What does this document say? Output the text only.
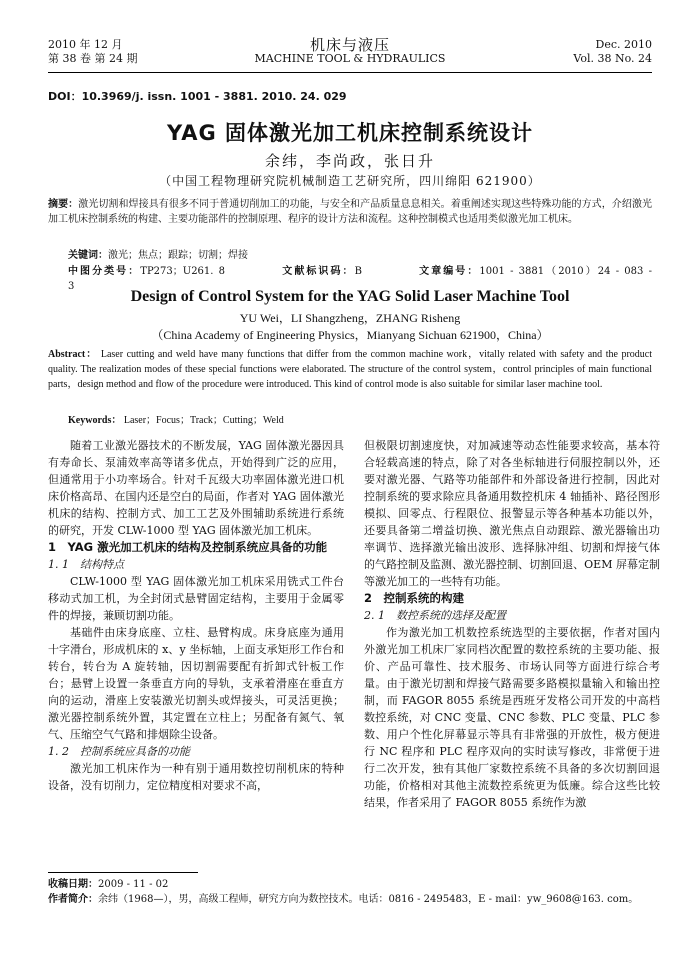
2010 年 12 月
第 38 卷 第 24 期
机床与液压
MACHINE TOOL & HYDRAULICS
Dec. 2010
Vol. 38 No. 24
DOI：10.3969/j. issn. 1001 - 3881. 2010. 24. 029
YAG 固体激光加工机床控制系统设计
余纬，李尚政，张日升
（中国工程物理研究院机械制造工艺研究所，四川绵阳 621900）
摘要：激光切割和焊接具有很多不同于普通切削加工的功能，与安全和产品质量息息相关。着重阐述实现这些特殊功能的方式，介绍激光加工机床控制系统的构建、主要功能部件的控制原理、程序的设计方法和流程。这种控制模式也适用类似激光加工机床。
关键词：激光；焦点；跟踪；切割；焊接
中图分类号：TP273；U261. 8	文献标识码：B	文章编号：1001 - 3881（2010）24 - 083 - 3
Design of Control System for the YAG Solid Laser Machine Tool
YU Wei，LI Shangzheng，ZHANG Risheng
（China Academy of Engineering Physics，Mianyang Sichuan 621900，China）
Abstract： Laser cutting and weld have many functions that differ from the common machine work，vitally related with safety and the product quality. The realization modes of these special functions were elaborated. The structure of the control system，control principles of main functional parts，design method and flow of the procedure were introduced. This kind of control mode is also suitable for similar laser machine tool.
Keywords： Laser；Focus；Track；Cutting；Weld

随着工业激光器技术的不断发展，YAG 固体激光器因具有寿命长、泵浦效率高等诸多优点，开始得到广泛的应用，但通常用于小功率场合。针对千瓦级大功率固体激光进口机床价格高昂、在国内还是空白的局面，作者对 YAG 固体激光机床的结构、控制方式、加工工艺及外围辅助系统进行系统的研究，开发 CLW-1000 型 YAG 固体激光加工机床。

1　YAG 激光加工机床的结构及控制系统应具备的功能
1. 1　结构特点

CLW-1000 型 YAG 固体激光加工机床采用铣式工件台移动式加工机，为全封闭式悬臂固定结构，主要用于金属零件的焊接，兼顾切割功能。

基础件由床身底座、立柱、悬臂构成。床身底座为通用十字滑台，形成机床的 x、y 坐标轴，上面支承矩形工作台和转台，转台为 A 旋转轴，因切割需要配有折卸式针板工作台；悬臂上设置一条垂直方向的导轨，支承着滑座在垂直方向的运动，滑座上安装激光切割头或焊接头，可灵活更换；激光器控制系统外置，其定置在立柱上；另配备有氮气、氧气、压缩空气气路和排烟除尘设备。

1. 2　控制系统应具备的功能

激光加工机床作为一种有别于通用数控切削机床的特种设备，没有切削力，定位精度相对要求不高，

但极限切割速度快，对加减速等动态性能要求较高，基本符合轻载高速的特点，除了对各坐标轴进行伺服控制以外，还要对激光器、气路等功能部件和外部设备进行控制，因此对控制系统的要求除应具备通用数控机床 4 轴插补、路径图形模拟、回零点、行程限位、报警显示等各种基本功能以外，还要具备第二增益切换、激光焦点自动跟踪、激光器输出功率调节、选择激光输出波形、选择脉冲组、切割和焊接气体的气路控制及监测、激光器控制、切割回退、OEM 屏幕定制等激光加工的一些特有功能。

2　控制系统的构建
2. 1　数控系统的选择及配置

作为激光加工机数控系统选型的主要依据，作者对国内外激光加工机床厂家同档次配置的数控系统的主要功能、报价、产品可靠性、技术服务、市场认同等方面进行综合考量。由于激光切割和焊接气路需要多路模拟量输入和输出控制，而 FAGOR 8055 系统是西班牙发格公司开发的中高档数控系统，对 CNC 变量、CNC 参数、PLC 变量、PLC 参数、用户个性化屏幕显示等具有非常强的开放性，极方便进行 NC 程序和 PLC 程序双向的实时读写修改，非常便于进行二次开发，独有其他厂家数控系统不具备的多次切割回退功能，价格相对其他主流数控系统更为低廉。综合这些比较结果，作者采用了 FAGOR 8055 系统作为激

收稿日期：2009 - 11 - 02
作者简介：余纬（1968—），男，高级工程师，研究方向为数控技术。电话：0816 - 2495483，E - mail：yw_9608@163. com。
